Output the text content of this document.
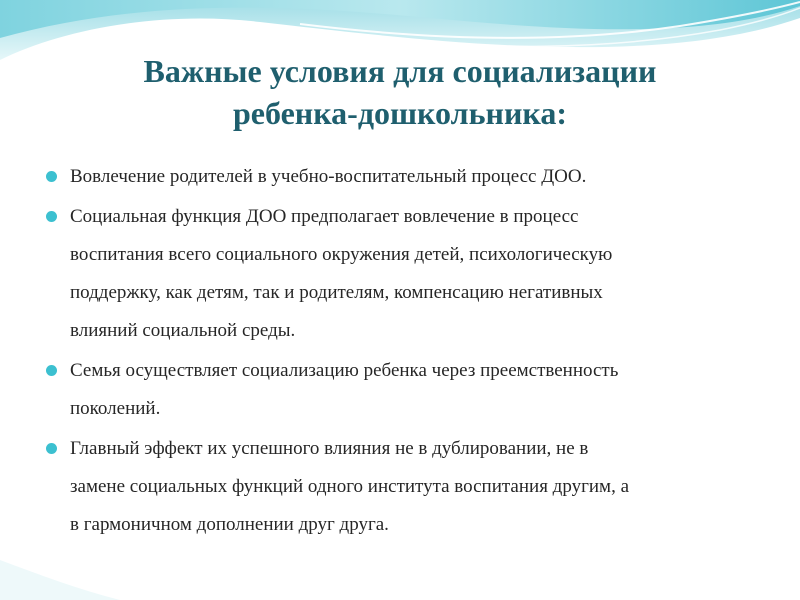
Важные условия для социализации
ребенка-дошкольника:
Вовлечение родителей в учебно-воспитательный процесс ДОО.
Социальная функция ДОО предполагает вовлечение в процесс
воспитания всего социального окружения детей, психологическую
поддержку, как детям, так и родителям, компенсацию негативных
влияний социальной среды.
Семья осуществляет социализацию ребенка через преемственность
поколений.
Главный эффект их успешного влияния не в дублировании, не в
замене социальных функций одного института воспитания другим, а
в гармоничном дополнении друг друга.
